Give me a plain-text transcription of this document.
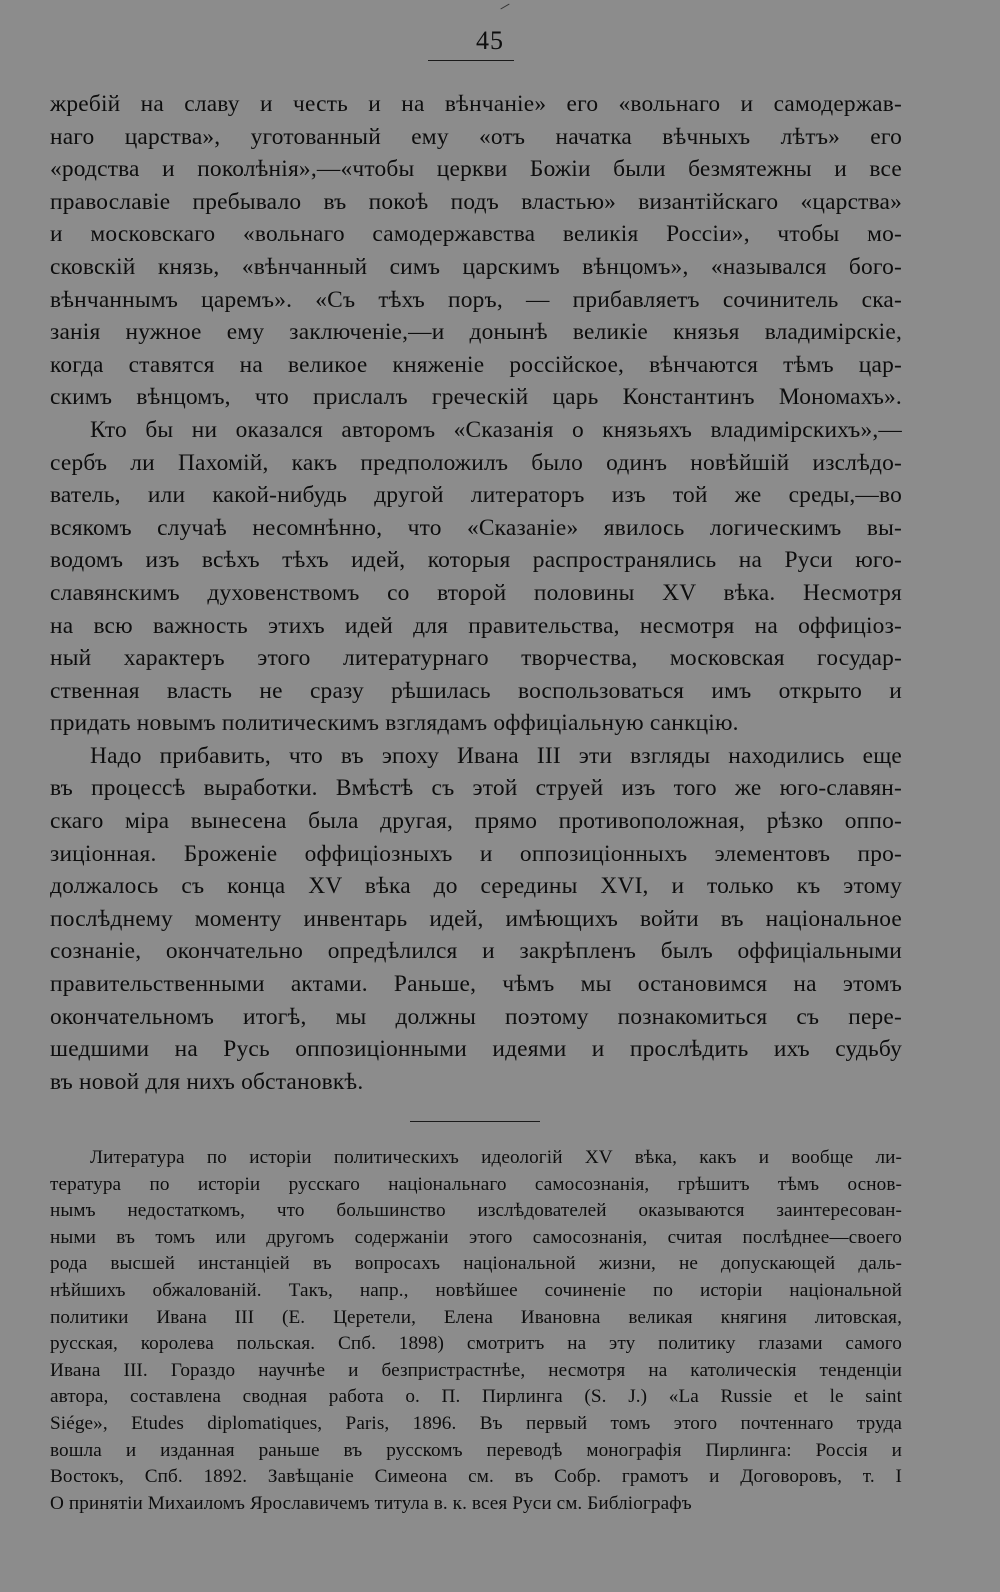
45
жребій на славу и честь и на вѣнчаніе» его «вольнаго и самодержав-
наго царства», уготованный ему «отъ начатка вѣчныхъ лѣтъ» его
«родства и поколѣнія»,—«чтобы церкви Божіи были безмятежны и все
православіе пребывало въ покоѣ подъ властью» византійскаго «царства»
и московскаго «вольнаго самодержавства великія Россіи», чтобы мо-
сковскій князь, «вѣнчанный симъ царскимъ вѣнцомъ», «назывался бого-
вѣнчаннымъ царемъ». «Съ тѣхъ поръ, — прибавляетъ сочинитель ска-
занія нужное ему заключеніе,—и донынѣ великіе князья владимірскіе,
когда ставятся на великое княженіе россійское, вѣнчаются тѣмъ цар-
скимъ вѣнцомъ, что прислалъ греческій царь Константинъ Мономахъ».
Кто бы ни оказался авторомъ «Сказанія о князьяхъ владимірскихъ»,—
сербъ ли Пахомій, какъ предположилъ было одинъ новѣйшій изслѣдо-
ватель, или какой-нибудь другой литераторъ изъ той же среды,—во
всякомъ случаѣ несомнѣнно, что «Сказаніе» явилось логическимъ вы-
водомъ изъ всѣхъ тѣхъ идей, которыя распространялись на Руси юго-
славянскимъ духовенствомъ со второй половины XV вѣка. Несмотря
на всю важность этихъ идей для правительства, несмотря на оффиціоз-
ный характеръ этого литературнаго творчества, московская государ-
ственная власть не сразу рѣшилась воспользоваться имъ открыто и
придать новымъ политическимъ взглядамъ оффиціальную санкцію.
Надо прибавить, что въ эпоху Ивана III эти взгляды находились еще
въ процессѣ выработки. Вмѣстѣ съ этой струей изъ того же юго-славян-
скаго міра вынесена была другая, прямо противоположная, рѣзко оппо-
зиціонная. Броженіе оффиціозныхъ и оппозиціонныхъ элементовъ про-
должалось съ конца XV вѣка до середины XVI, и только къ этому
послѣднему моменту инвентарь идей, имѣющихъ войти въ національное
сознаніе, окончательно опредѣлился и закрѣпленъ былъ оффиціальными
правительственными актами. Раньше, чѣмъ мы остановимся на этомъ
окончательномъ итогѣ, мы должны поэтому познакомиться съ пере-
шедшими на Русь оппозиціонными идеями и прослѣдить ихъ судьбу
въ новой для нихъ обстановкѣ.
Литература по исторіи политическихъ идеологій XV вѣка, какъ и вообще ли-
тература по исторіи русскаго національнаго самосознанія, грѣшитъ тѣмъ основ-
нымъ недостаткомъ, что большинство изслѣдователей оказываются заинтересован-
ными въ томъ или другомъ содержаніи этого самосознанія, считая послѣднее—своего
рода высшей инстанціей въ вопросахъ національной жизни, не допускающей даль-
нѣйшихъ обжалованій. Такъ, напр., новѣйшее сочиненіе по исторіи національной
политики Ивана III (Е. Церетели, Елена Ивановна великая княгиня литовская,
русская, королева польская. Спб. 1898) смотритъ на эту политику глазами самого
Ивана III. Гораздо научнѣе и безпристрастнѣе, несмотря на католическія тенденціи
автора, составлена сводная работа о. П. Пирлинга (S. J.) «La Russie et le saint
Siége», Etudes diplomatiques, Paris, 1896. Въ первый томъ этого почтеннаго труда
вошла и изданная раньше въ русскомъ переводѣ монографія Пирлинга: Россія и
Востокъ, Спб. 1892. Завѣщаніе Симеона см. въ Собр. грамотъ и Договоровъ, т. I
О принятіи Михаиломъ Ярославичемъ титула в. к. всея Руси см. Библіографъ
